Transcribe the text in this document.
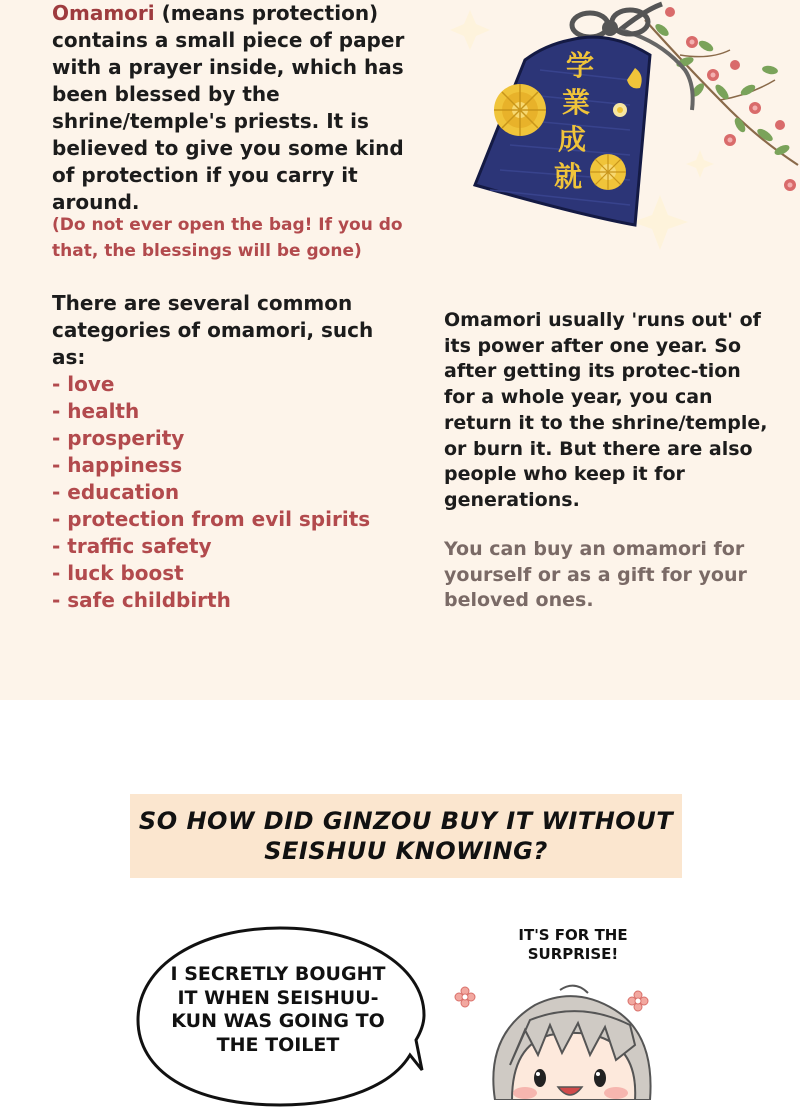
Omamori (means protection) contains a small piece of paper with a prayer inside, which has been blessed by the shrine/temple's priests. It is believed to give you some kind of protection if you carry it around.
(Do not ever open the bag! If you do that, the blessings will be gone)
There are several common categories of omamori, such as:
- love
- health
- prosperity
- happiness
- education
- protection from evil spirits
- traffic safety
- luck boost
- safe childbirth
Omamori usually 'runs out' of its power after one year. So after getting its protec-tion for a whole year, you can return it to the shrine/temple, or burn it. But there are also people who keep it for generations.
You can buy an omamori for yourself or as a gift for your beloved ones.
学
業
成
就
SO HOW DID GINZOU BUY IT WITHOUT SEISHUU KNOWING?
I SECRETLY BOUGHT IT WHEN SEISHUU-KUN WAS GOING TO THE TOILET
IT'S FOR THE SURPRISE!
